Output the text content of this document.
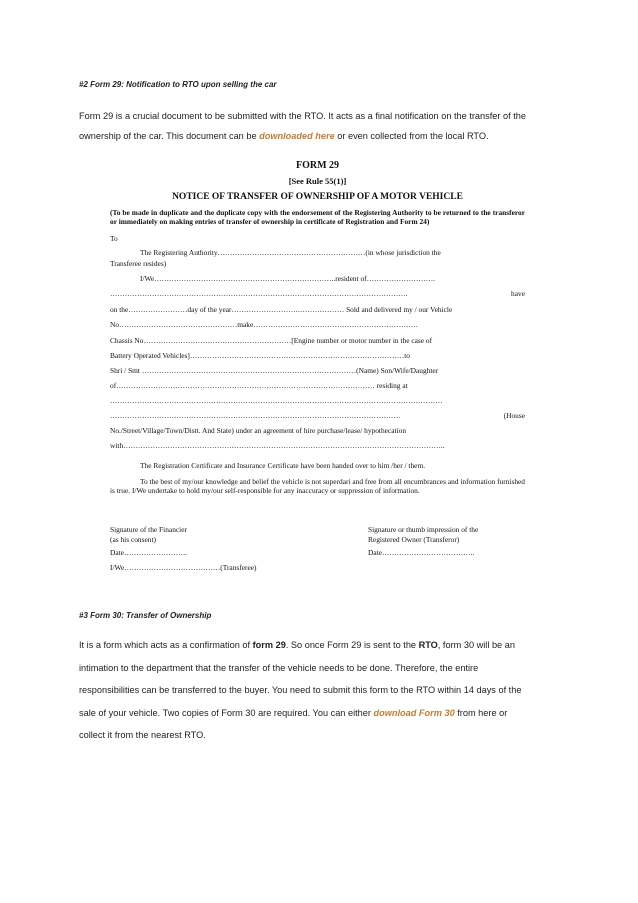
#2 Form 29: Notification to RTO upon selling the car
Form 29 is a crucial document to be submitted with the RTO. It acts as a final notification on the transfer of the
ownership of the car. This document can be downloaded here or even collected from the local RTO.
FORM 29
[See Rule 55(1)]
NOTICE OF TRANSFER OF OWNERSHIP OF A MOTOR VEHICLE
(To be made in duplicate and the duplicate copy with the endorsement of the Registering Authority to be returned to the transferor or immediately on making entries of transfer of ownership in certificate of Registration and Form 24)
To
The Registering Authority……………………………………………………(in whose jurisdiction the
Transferee resides)
I/We………………………………………………………………..resident of……………………….
………………………………………………………………………………………………………….	have
on the……………………day of the year……………………….……………… Sold and delivered my / our Vehicle
No…………………………………………make………………………………………………………….
Chassis No……………………………………………………[Engine number or motor number in the case of
Battery Operated Vehicles]……………………………………………………………………………to
Shri / Smt ……………………………………………………………………………(Name) Son/Wife/Daughter
of…………………………………………………………………………………………… residing at
………………………………………………………………………………………………………………………
……………………………………………………………………………………………………….	(House
No./Street/Village/Town/Distt. And State) under an agreement of hire purchase/lease/ hypothecation
with…………………………………………………………………………………………………………………..
The Registration Certificate and Insurance Certificate have been handed over to him /her / them.
To the best of my/our knowledge and belief the vehicle is not superdari and free from all encumbrances and information furnished is true. I/We undertake to hold my/our self-responsible for any inaccuracy or suppression of information.
Signature of the Financier
(as his consent)
Date……………………..
I/We…………………………………(Transferee)
Signature or thumb impression of the
Registered Owner (Transferor)
Date………………………………..
#3 Form 30: Transfer of Ownership
It is a form which acts as a confirmation of form 29. So once Form 29 is sent to the RTO, form 30 will be an
intimation to the department that the transfer of the vehicle needs to be done. Therefore, the entire
responsibilities can be transferred to the buyer. You need to submit this form to the RTO within 14 days of the
sale of your vehicle. Two copies of Form 30 are required. You can either download Form 30 from here or
collect it from the nearest RTO.
